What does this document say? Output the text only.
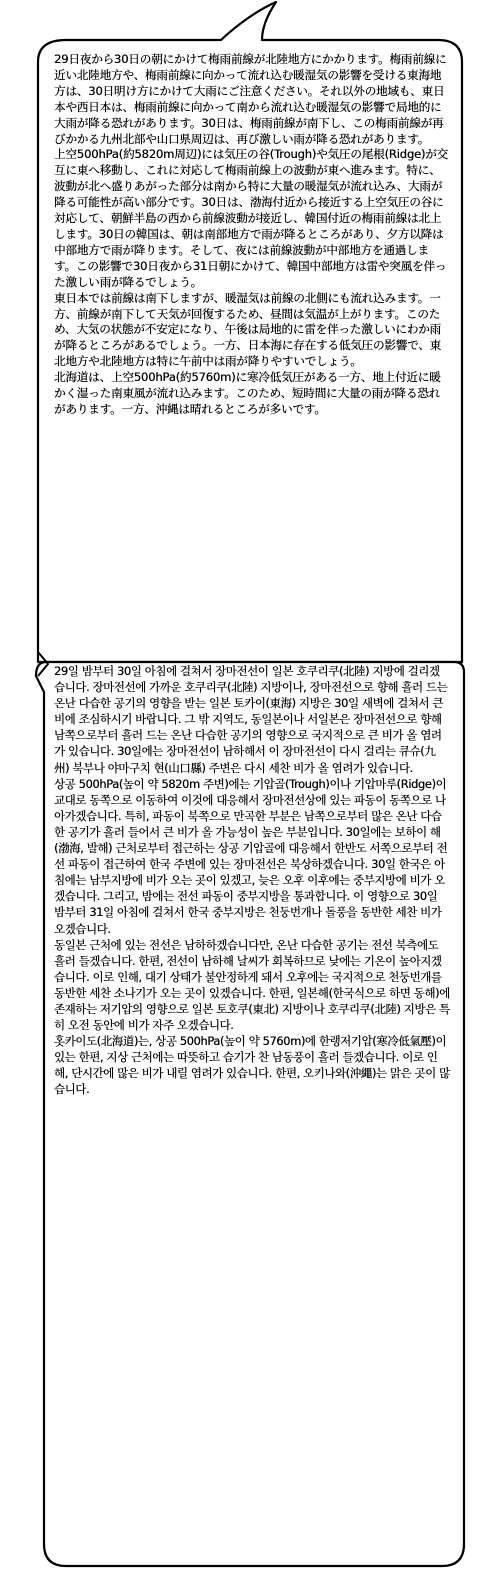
29日夜から30日の朝にかけて梅雨前線が北陸地方にかかります。梅雨前線に近い北陸地方や、梅雨前線に向かって流れ込む暖湿気の影響を受ける東海地方は、30日明け方にかけて大雨にご注意ください。それ以外の地域も、東日本や西日本は、梅雨前線に向かって南から流れ込む暖湿気の影響で局地的に大雨が降る恐れがあります。30日は、梅雨前線が南下し、この梅雨前線が再びかかる九州北部や山口県周辺は、再び激しい雨が降る恐れがあります。

上空500hPa(約5820m周辺)には気圧の谷(Trough)や気圧の尾根(Ridge)が交互に東へ移動し、これに対応して梅雨前線上の波動が東へ進みます。特に、波動が北へ盛りあがった部分は南から特に大量の暖湿気が流れ込み、大雨が降る可能性が高い部分です。30日は、渤海付近から接近する上空気圧の谷に対応して、朝鮮半島の西から前線波動が接近し、韓国付近の梅雨前線は北上します。30日の韓国は、朝は南部地方で雨が降るところがあり、夕方以降は中部地方で雨が降ります。そして、夜には前線波動が中部地方を通過します。この影響で30日夜から31日朝にかけて、韓国中部地方は雷や突風を伴った激しい雨が降るでしょう。

東日本では前線は南下しますが、暖湿気は前線の北側にも流れ込みます。一方、前線が南下して天気が回復するため、昼間は気温が上がります。このため、大気の状態が不安定になり、午後は局地的に雷を伴った激しいにわか雨が降るところがあるでしょう。一方、日本海に存在する低気圧の影響で、東北地方や北陸地方は特に午前中は雨が降りやすいでしょう。

北海道は、上空500hPa(約5760m)に寒冷低気圧がある一方、地上付近に暖かく湿った南東風が流れ込みます。このため、短時間に大量の雨が降る恐れがあります。一方、沖縄は晴れるところが多いです。

29일 밤부터 30일 아침에 걸쳐서 장마전선이 일본 호쿠리쿠(北陸) 지방에 걸리겠습니다. 장마전선에 가까운 호쿠리쿠(北陸) 지방이나, 장마전선으로 향해 흘러 드는 온난 다습한 공기의 영향을 받는 일본 토카이(東海) 지방은 30일 새벽에 걸쳐서 큰 비에 조심하시기 바랍니다. 그 밖 지역도, 동일본이나 서일본은 장마전선으로 향해 남쪽으로부터 흘러 드는 온난 다습한 공기의 영향으로 국지적으로 큰 비가 올 염려가 있습니다. 30일에는 장마전선이 남하해서 이 장마전선이 다시 걸리는 큐슈(九州) 북부나 야마구치 현(山口縣) 주변은 다시 세찬 비가 올 염려가 있습니다.

상공 500hPa(높이 약 5820m 주변)에는 기압골(Trough)이나 기압마루(Ridge)이 교대로 동쪽으로 이동하여 이것에 대응해서 장마전선상에 있는 파동이 동쪽으로 나아가겠습니다. 특히, 파동이 북쪽으로 만곡한 부분은 남쪽으로부터 많은 온난 다습한 공기가 흘러 들어서 큰 비가 올 가능성이 높은 부분입니다. 30일에는 보하이 해(渤海, 발해) 근처로부터 접근하는 상공 기압골에 대응해서 한반도 서쪽으로부터 전선 파동이 접근하여 한국 주변에 있는 장마전선은 북상하겠습니다. 30일 한국은 아침에는 남부지방에 비가 오는 곳이 있겠고, 늦은 오후 이후에는 중부지방에 비가 오겠습니다. 그리고, 밤에는 전선 파동이 중부지방을 통과합니다. 이 영향으로 30일 밤부터 31일 아침에 걸쳐서 한국 중부지방은 천둥번개나 돌풍을 동반한 세찬 비가 오겠습니다.

동일본 근처에 있는 전선은 남하하겠습니다만, 온난 다습한 공기는 전선 북측에도 흘러 들겠습니다. 한편, 전선이 남하해 날씨가 회복하므로 낮에는 기온이 높아지겠습니다. 이로 인해, 대기 상태가 불안정하게 돼서 오후에는 국지적으로 천둥번개를 동반한 세찬 소나기가 오는 곳이 있겠습니다. 한편, 일본해(한국식으로 하면 동해)에 존재하는 저기압의 영향으로 일본 토호쿠(東北) 지방이나 호쿠리쿠(北陸) 지방은 특히 오전 동안에 비가 자주 오겠습니다.

홋카이도(北海道)는, 상공 500hPa(높이 약 5760m)에 한랭저기압(寒冷低氣壓)이 있는 한편, 지상 근처에는 따뜻하고 습기가 찬 남동풍이 흘러 들겠습니다. 이로 인해, 단시간에 많은 비가 내릴 염려가 있습니다. 한편, 오키나와(沖繩)는 맑은 곳이 많습니다.
